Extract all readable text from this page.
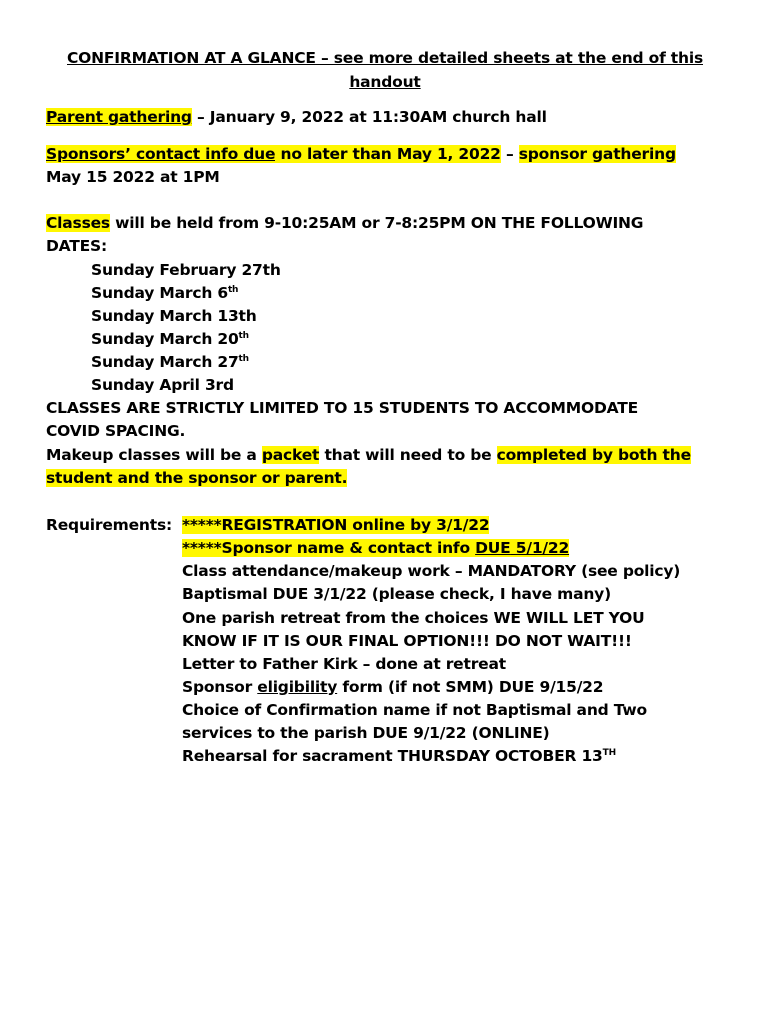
CONFIRMATION AT A GLANCE – see more detailed sheets at the end of this
handout
Parent gathering – January 9, 2022 at 11:30AM church hall
Sponsors’ contact info due no later than May 1, 2022 – sponsor gathering
May 15 2022 at 1PM
Classes will be held from 9-10:25AM or 7-8:25PM ON THE FOLLOWING
DATES:
Sunday February 27th
Sunday March 6th
Sunday March 13th
Sunday March 20th
Sunday March 27th
Sunday April 3rd
CLASSES ARE STRICTLY LIMITED TO 15 STUDENTS TO ACCOMMODATE
COVID SPACING.
Makeup classes will be a packet that will need to be completed by both the
student and the sponsor or parent.
Requirements: *****REGISTRATION online by 3/1/22
*****Sponsor name & contact info DUE 5/1/22
Class attendance/makeup work – MANDATORY (see policy)
Baptismal DUE 3/1/22 (please check, I have many)
One parish retreat from the choices WE WILL LET YOU
KNOW IF IT IS OUR FINAL OPTION!!! DO NOT WAIT!!!
Letter to Father Kirk – done at retreat
Sponsor eligibility form (if not SMM) DUE 9/15/22
Choice of Confirmation name if not Baptismal and Two
services to the parish DUE 9/1/22 (ONLINE)
Rehearsal for sacrament THURSDAY OCTOBER 13TH
